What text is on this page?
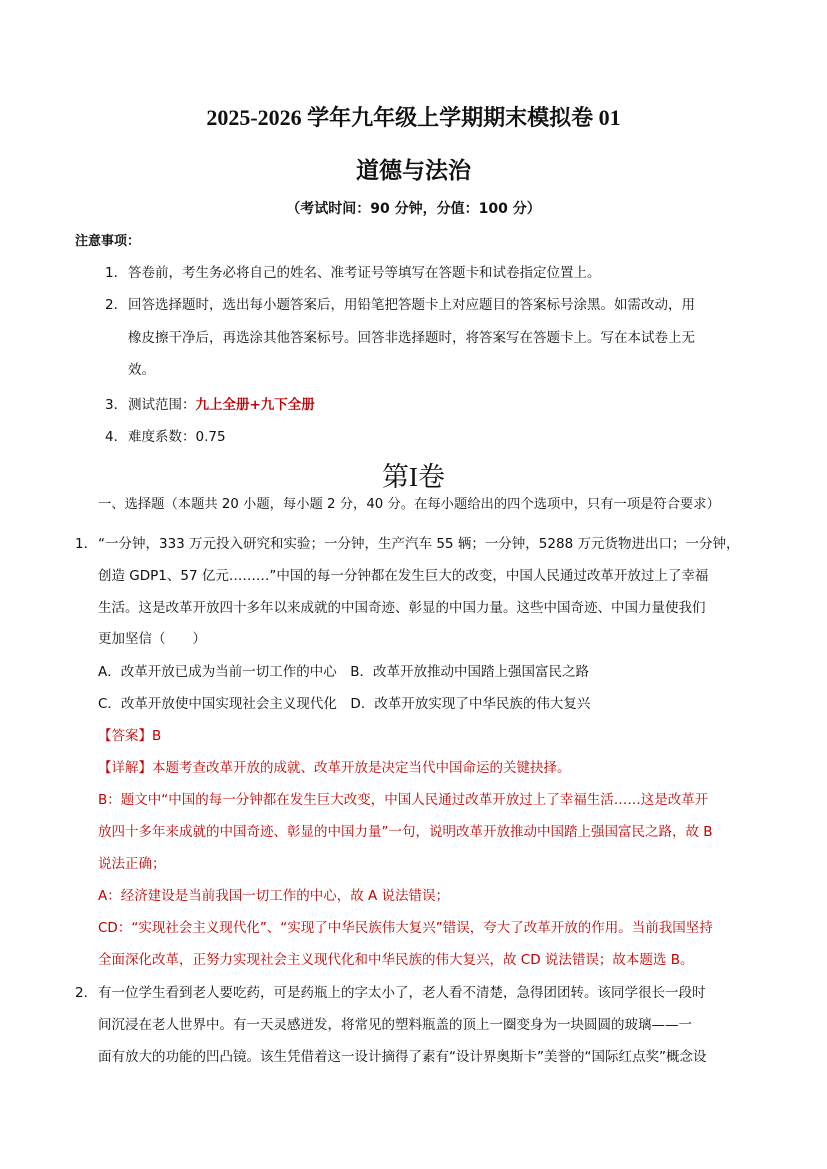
2025-2026 学年九年级上学期期末模拟卷 01
道德与法治
（考试时间：90 分钟，分值：100 分）
注意事项：
1． 答卷前，考生务必将自己的姓名、准考证号等填写在答题卡和试卷指定位置上。
2． 回答选择题时，选出每小题答案后，用铅笔把答题卡上对应题目的答案标号涂黑。如需改动，用
橡皮擦干净后，再选涂其他答案标号。回答非选择题时，将答案写在答题卡上。写在本试卷上无
效。
3． 测试范围：九上全册+九下全册
4． 难度系数：0.75
第I卷
一、选择题（本题共 20 小题，每小题 2 分，40 分。在每小题给出的四个选项中，只有一项是符合要求）
1． “一分钟，333 万元投入研究和实验；一分钟，生产汽车 55 辆；一分钟，5288 万元货物进出口；一分钟，
创造 GDP1、57 亿元………”中国的每一分钟都在发生巨大的改变，中国人民通过改革开放过上了幸福
生活。这是改革开放四十多年以来成就的中国奇迹、彰显的中国力量。这些中国奇迹、中国力量使我们
更加坚信（　　）
A．改革开放已成为当前一切工作的中心　B．改革开放推动中国踏上强国富民之路
C．改革开放使中国实现社会主义现代化　D．改革开放实现了中华民族的伟大复兴
【答案】B
【详解】本题考查改革开放的成就、改革开放是决定当代中国命运的关键抉择。
B：题文中“中国的每一分钟都在发生巨大改变，中国人民通过改革开放过上了幸福生活……这是改革开
放四十多年来成就的中国奇迹、彰显的中国力量”一句，说明改革开放推动中国踏上强国富民之路，故 B
说法正确；
A：经济建设是当前我国一切工作的中心，故 A 说法错误；
CD：“实现社会主义现代化”、“实现了中华民族伟大复兴”错误，夸大了改革开放的作用。当前我国坚持
全面深化改革，正努力实现社会主义现代化和中华民族的伟大复兴，故 CD 说法错误；故本题选 B。
2． 有一位学生看到老人要吃药，可是药瓶上的字太小了，老人看不清楚，急得团团转。该同学很长一段时
间沉浸在老人世界中。有一天灵感迸发，将常见的塑料瓶盖的顶上一圈变身为一块圆圆的玻璃——一
面有放大的功能的凹凸镜。该生凭借着这一设计摘得了素有“设计界奥斯卡”美誉的“国际红点奖”概念设
